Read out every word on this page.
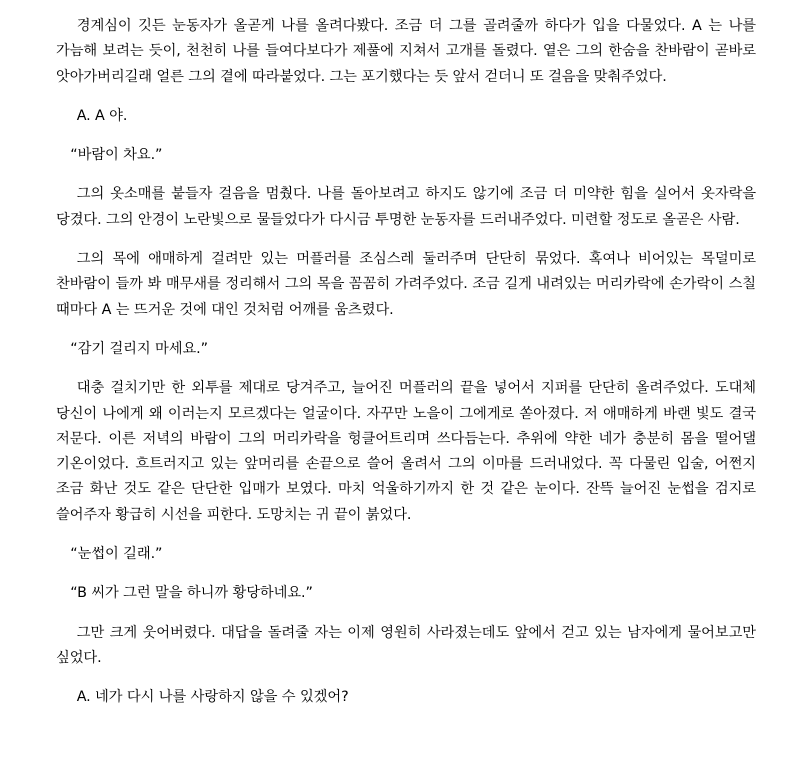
경계심이 깃든 눈동자가 올곧게 나를 올려다봤다. 조금 더 그를 골려줄까 하다가 입을 다물었다. A 는 나를 가늠해 보려는 듯이, 천천히 나를 들여다보다가 제풀에 지쳐서 고개를 돌렸다. 옅은 그의 한숨을 찬바람이 곧바로 앗아가버리길래 얼른 그의 곁에 따라붙었다. 그는 포기했다는 듯 앞서 걷더니 또 걸음을 맞춰주었다.

A. A 야.

“바람이 차요.”

그의 옷소매를 붙들자 걸음을 멈췄다. 나를 돌아보려고 하지도 않기에 조금 더 미약한 힘을 실어서 옷자락을 당겼다. 그의 안경이 노란빛으로 물들었다가 다시금 투명한 눈동자를 드러내주었다. 미련할 정도로 올곧은 사람.

그의 목에 애매하게 걸려만 있는 머플러를 조심스레 둘러주며 단단히 묶었다. 혹여나 비어있는 목덜미로 찬바람이 들까 봐 매무새를 정리해서 그의 목을 꼼꼼히 가려주었다. 조금 길게 내려있는 머리카락에 손가락이 스칠 때마다 A 는 뜨거운 것에 대인 것처럼 어깨를 움츠렸다.

“감기 걸리지 마세요.”

대충 걸치기만 한 외투를 제대로 당겨주고, 늘어진 머플러의 끝을 넣어서 지퍼를 단단히 올려주었다. 도대체 당신이 나에게 왜 이러는지 모르겠다는 얼굴이다. 자꾸만 노을이 그에게로 쏟아졌다. 저 애매하게 바랜 빛도 결국 저문다. 이른 저녁의 바람이 그의 머리카락을 헝클어트리며 쓰다듬는다. 추위에 약한 네가 충분히 몸을 떨어댈 기온이었다. 흐트러지고 있는 앞머리를 손끝으로 쓸어 올려서 그의 이마를 드러내었다. 꼭 다물린 입술, 어쩐지 조금 화난 것도 같은 단단한 입매가 보였다. 마치 억울하기까지 한 것 같은 눈이다. 잔뜩 늘어진 눈썹을 검지로 쓸어주자 황급히 시선을 피한다. 도망치는 귀 끝이 붉었다.

“눈썹이 길래.”

“B 씨가 그런 말을 하니까 황당하네요.”

그만 크게 웃어버렸다. 대답을 돌려줄 자는 이제 영원히 사라졌는데도 앞에서 걷고 있는 남자에게 물어보고만 싶었다.

A. 네가 다시 나를 사랑하지 않을 수 있겠어?
